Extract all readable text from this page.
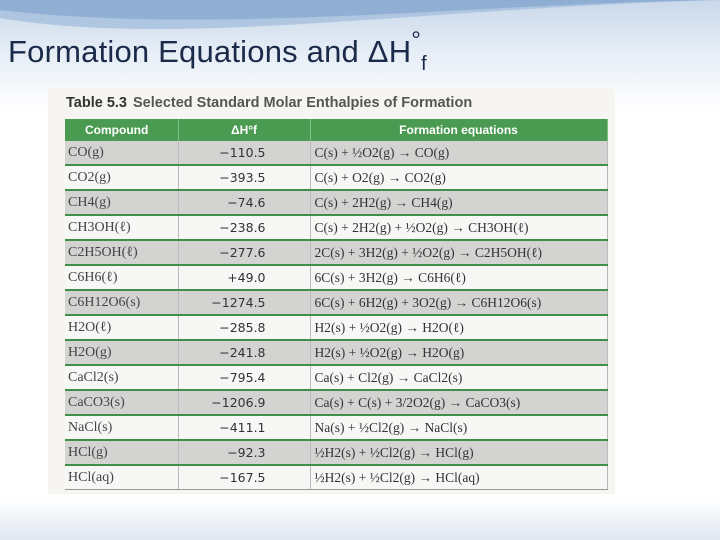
Formation Equations and $\Delta H^\circ_f$
Table 5.3 Selected Standard Molar Enthalpies of Formation
Compound	ΔH°f	Formation equations
CO(g)	−110.5	C(s) + ½O2(g) → CO(g)
CO2(g)	−393.5	C(s) + O2(g) → CO2(g)
CH4(g)	−74.6	C(s) + 2H2(g) → CH4(g)
CH3OH(ℓ)	−238.6	C(s) + 2H2(g) + ½O2(g) → CH3OH(ℓ)
C2H5OH(ℓ)	−277.6	2C(s) + 3H2(g) + ½O2(g) → C2H5OH(ℓ)
C6H6(ℓ)	+49.0	6C(s) + 3H2(g) → C6H6(ℓ)
C6H12O6(s)	−1274.5	6C(s) + 6H2(g) + 3O2(g) → C6H12O6(s)
H2O(ℓ)	−285.8	H2(s) + ½O2(g) → H2O(ℓ)
H2O(g)	−241.8	H2(s) + ½O2(g) → H2O(g)
CaCl2(s)	−795.4	Ca(s) + Cl2(g) → CaCl2(s)
CaCO3(s)	−1206.9	Ca(s) + C(s) + 3/2O2(g) → CaCO3(s)
NaCl(s)	−411.1	Na(s) + ½Cl2(g) → NaCl(s)
HCl(g)	−92.3	½H2(s) + ½Cl2(g) → HCl(g)
HCl(aq)	−167.5	½H2(s) + ½Cl2(g) → HCl(aq)
